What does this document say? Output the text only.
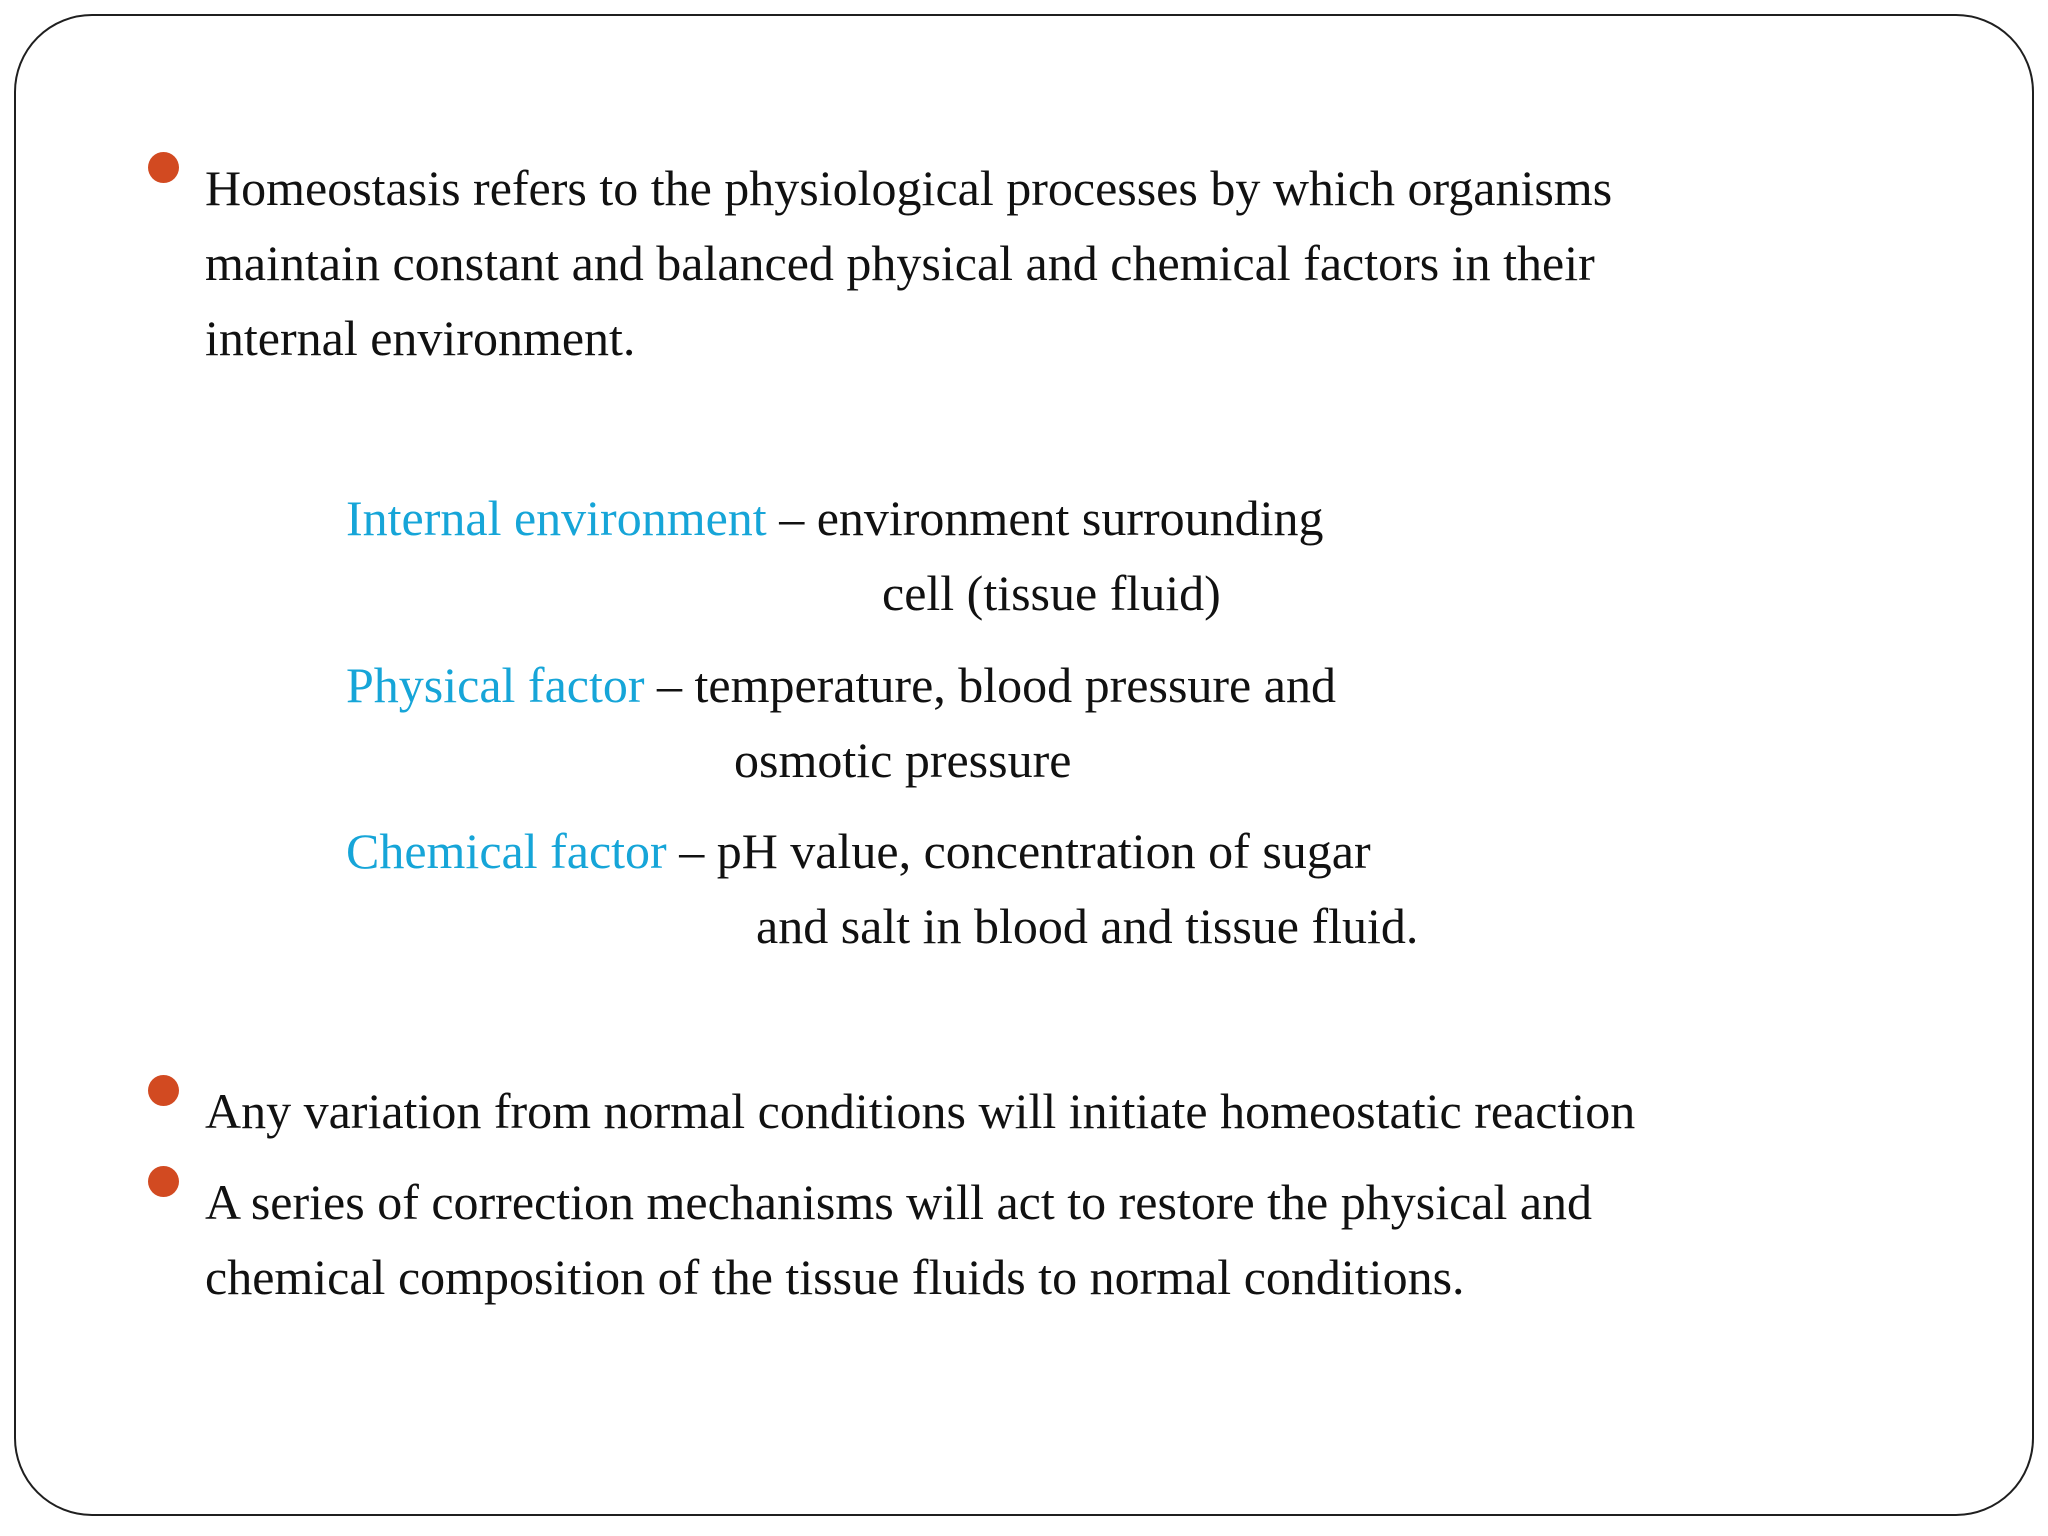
Homeostasis refers to the physiological processes by which organisms
maintain constant and balanced physical and chemical factors in their
internal environment.
Internal environment – environment surrounding
cell (tissue fluid)
Physical factor – temperature, blood pressure and
osmotic pressure
Chemical factor – pH value, concentration of sugar
and salt in blood and tissue fluid.
Any variation from normal conditions will initiate homeostatic reaction
A series of correction mechanisms will act to restore the physical and
chemical composition of the tissue fluids to normal conditions.
